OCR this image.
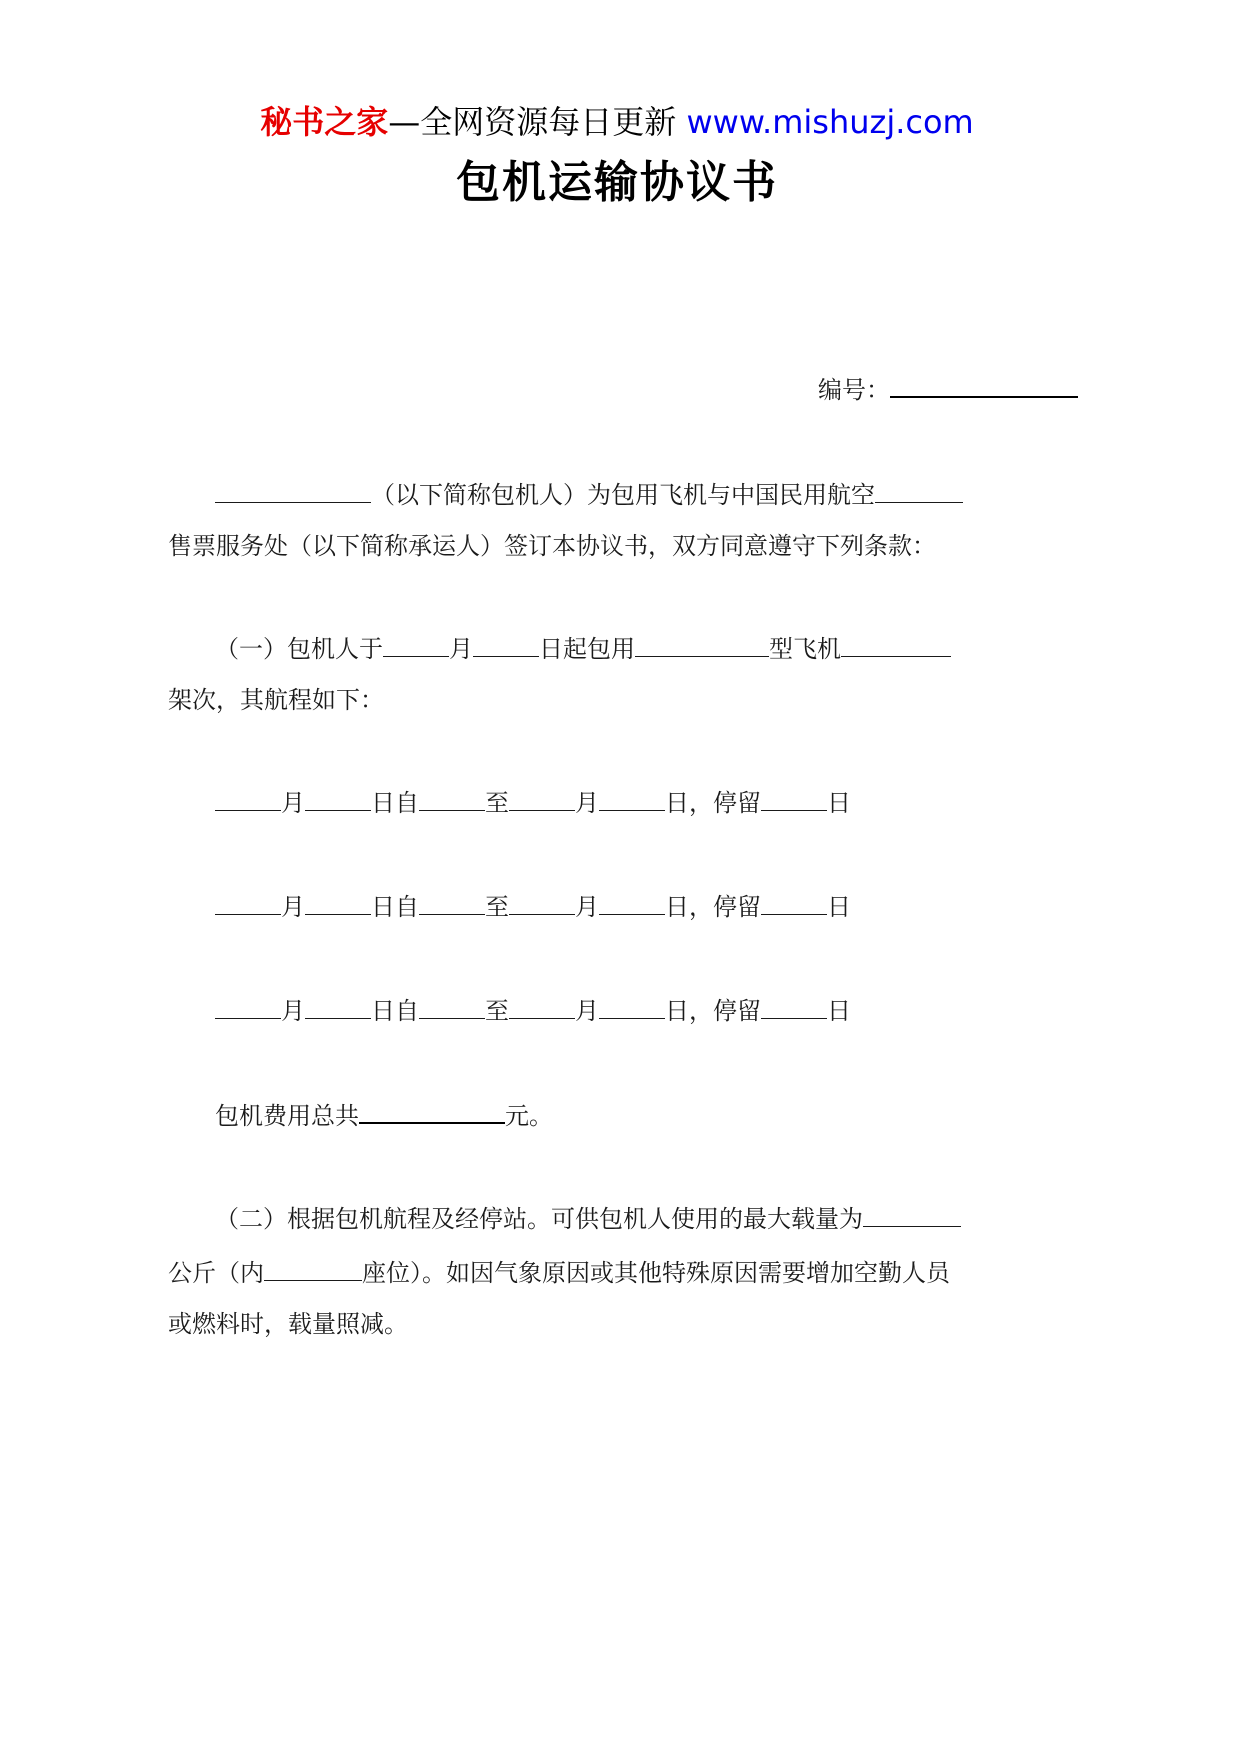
秘书之家—全网资源每日更新 www.mishuzj.com
包机运输协议书
编号：
（以下简称包机人）为包用飞机与中国民用航空
售票服务处（以下简称承运人）签订本协议书，双方同意遵守下列条款：
（一）包机人于	月	日起包用	型飞机
架次，其航程如下：
月	日自	至	月	日，停留	日
月	日自	至	月	日，停留	日
月	日自	至	月	日，停留	日
包机费用总共	元。
（二）根据包机航程及经停站。可供包机人使用的最大载量为
公斤（内	座位）。如因气象原因或其他特殊原因需要增加空勤人员
或燃料时，载量照减。
